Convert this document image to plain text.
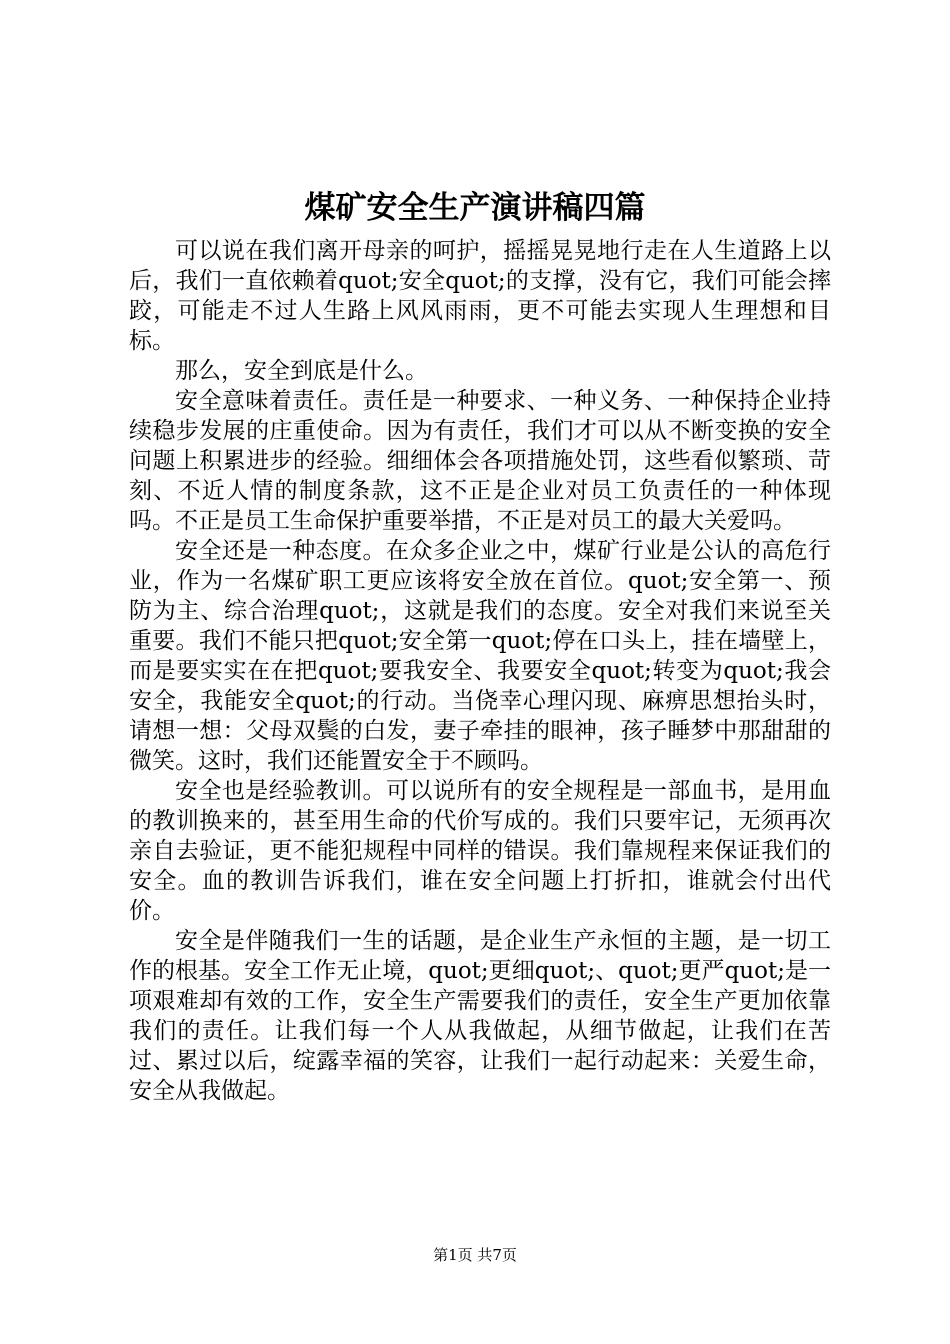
煤矿安全生产演讲稿四篇

可以说在我们离开母亲的呵护，摇摇晃晃地行走在人生道路上以后，我们一直依赖着quot;安全quot;的支撑，没有它，我们可能会摔跤，可能走不过人生路上风风雨雨，更不可能去实现人生理想和目标。

那么，安全到底是什么。

安全意味着责任。责任是一种要求、一种义务、一种保持企业持续稳步发展的庄重使命。因为有责任，我们才可以从不断变换的安全问题上积累进步的经验。细细体会各项措施处罚，这些看似繁琐、苛刻、不近人情的制度条款，这不正是企业对员工负责任的一种体现吗。不正是员工生命保护重要举措，不正是对员工的最大关爱吗。

安全还是一种态度。在众多企业之中，煤矿行业是公认的高危行业，作为一名煤矿职工更应该将安全放在首位。quot;安全第一、预防为主、综合治理quot;，这就是我们的态度。安全对我们来说至关重要。我们不能只把quot;安全第一quot;停在口头上，挂在墙壁上，而是要实实在在把quot;要我安全、我要安全quot;转变为quot;我会安全，我能安全quot;的行动。当侥幸心理闪现、麻痹思想抬头时，请想一想：父母双鬓的白发，妻子牵挂的眼神，孩子睡梦中那甜甜的微笑。这时，我们还能置安全于不顾吗。

安全也是经验教训。可以说所有的安全规程是一部血书，是用血的教训换来的，甚至用生命的代价写成的。我们只要牢记，无须再次亲自去验证，更不能犯规程中同样的错误。我们靠规程来保证我们的安全。血的教训告诉我们，谁在安全问题上打折扣，谁就会付出代价。

安全是伴随我们一生的话题，是企业生产永恒的主题，是一切工作的根基。安全工作无止境，quot;更细quot;、quot;更严quot;是一项艰难却有效的工作，安全生产需要我们的责任，安全生产更加依靠我们的责任。让我们每一个人从我做起，从细节做起，让我们在苦过、累过以后，绽露幸福的笑容，让我们一起行动起来：关爱生命，安全从我做起。

第1页 共7页
